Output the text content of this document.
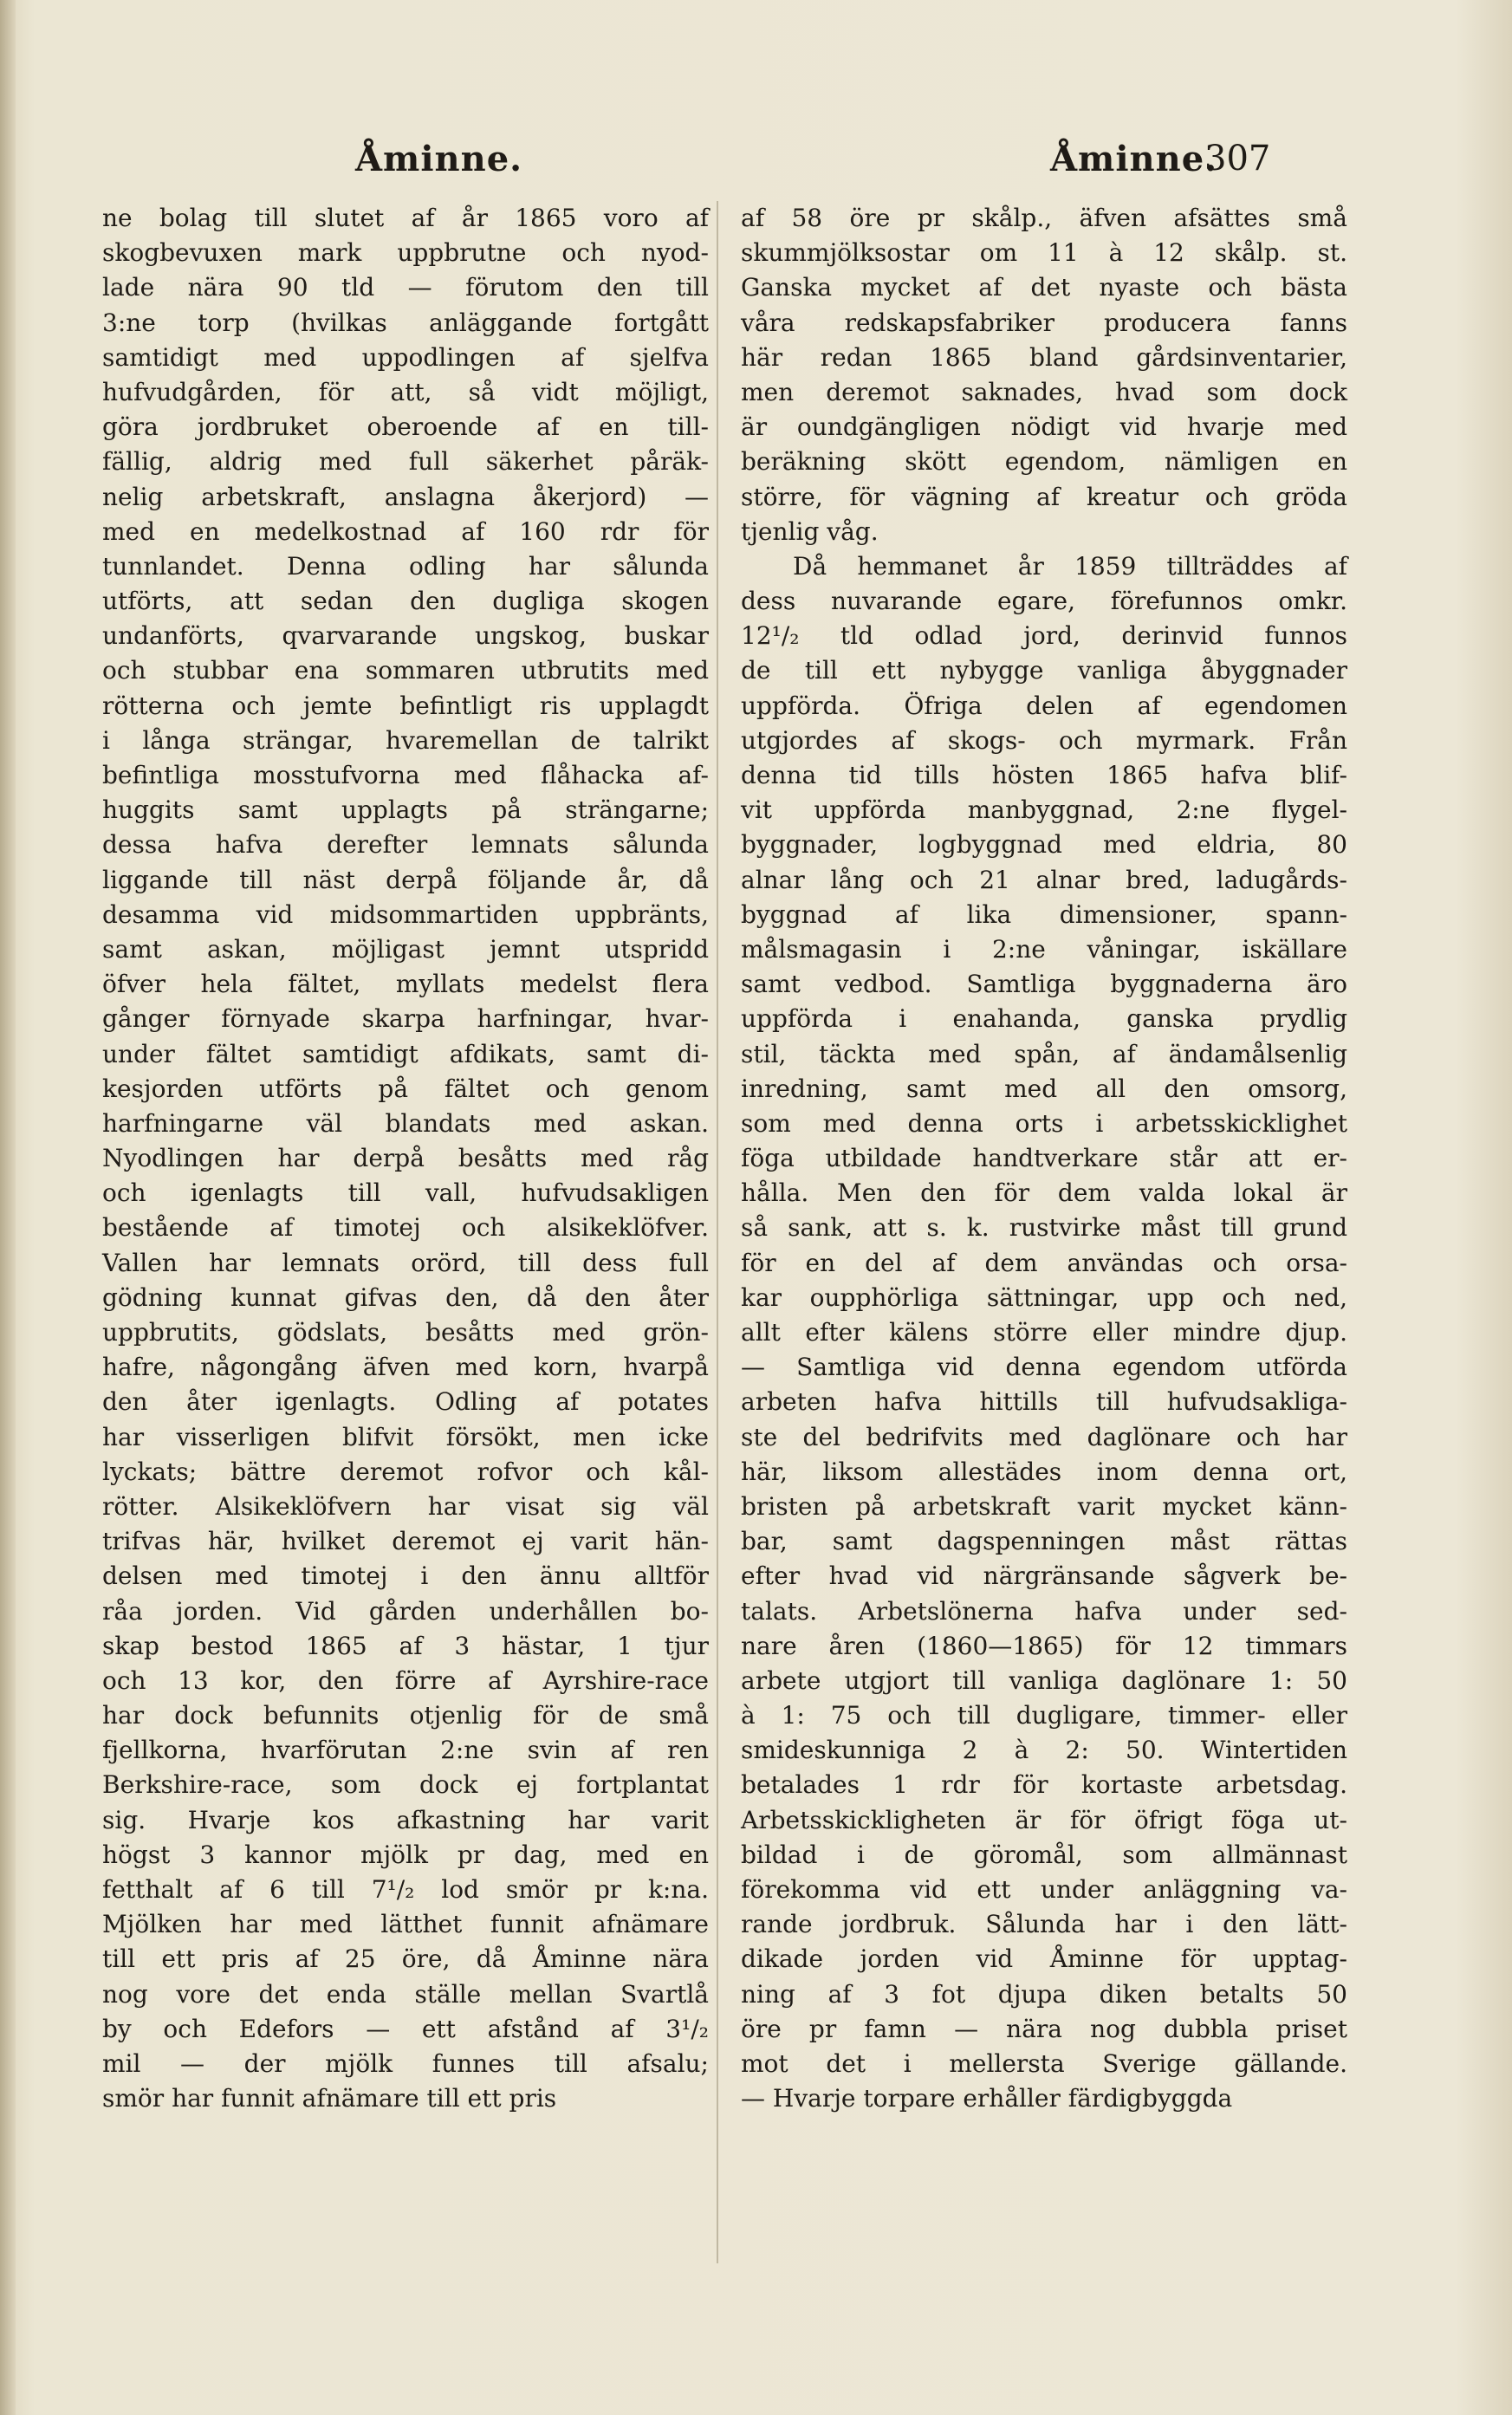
Åminne.	Åminne.
307
ne bolag till slutet af år 1865 voro af
skogbevuxen mark uppbrutne och nyod-
lade nära 90 tld — förutom den till
3:ne torp (hvilkas anläggande fortgått
samtidigt med uppodlingen af sjelfva
hufvudgården, för att, så vidt möjligt,
göra jordbruket oberoende af en till-
fällig, aldrig med full säkerhet påräk-
nelig arbetskraft, anslagna åkerjord) —
med en medelkostnad af 160 rdr för
tunnlandet. Denna odling har sålunda
utförts, att sedan den dugliga skogen
undanförts, qvarvarande ungskog, buskar
och stubbar ena sommaren utbrutits med
rötterna och jemte befintligt ris upplagdt
i långa strängar, hvaremellan de talrikt
befintliga mosstufvorna med flåhacka af-
huggits samt upplagts på strängarne;
dessa hafva derefter lemnats sålunda
liggande till näst derpå följande år, då
desamma vid midsommartiden uppbränts,
samt askan, möjligast jemnt utspridd
öfver hela fältet, myllats medelst flera
gånger förnyade skarpa harfningar, hvar-
under fältet samtidigt afdikats, samt di-
kesjorden utförts på fältet och genom
harfningarne väl blandats med askan.
Nyodlingen har derpå besåtts med råg
och igenlagts till vall, hufvudsakligen
bestående af timotej och alsikeklöfver.
Vallen har lemnats orörd, till dess full
gödning kunnat gifvas den, då den åter
uppbrutits, gödslats, besåtts med grön-
hafre, någongång äfven med korn, hvarpå
den åter igenlagts. Odling af potates
har visserligen blifvit försökt, men icke
lyckats; bättre deremot rofvor och kål-
rötter. Alsikeklöfvern har visat sig väl
trifvas här, hvilket deremot ej varit hän-
delsen med timotej i den ännu alltför
råa jorden. Vid gården underhållen bo-
skap bestod 1865 af 3 hästar, 1 tjur
och 13 kor, den förre af Ayrshire-race
har dock befunnits otjenlig för de små
fjellkorna, hvarförutan 2:ne svin af ren
Berkshire-race, som dock ej fortplantat
sig. Hvarje kos afkastning har varit
högst 3 kannor mjölk pr dag, med en
fetthalt af 6 till 7¹/₂ lod smör pr k:na.
Mjölken har med lätthet funnit afnämare
till ett pris af 25 öre, då Åminne nära
nog vore det enda ställe mellan Svartlå
by och Edefors — ett afstånd af 3¹/₂
mil — der mjölk funnes till afsalu;
smör har funnit afnämare till ett pris
af 58 öre pr skålp., äfven afsättes små
skummjölksostar om 11 à 12 skålp. st.
Ganska mycket af det nyaste och bästa
våra redskapsfabriker producera fanns
här redan 1865 bland gårdsinventarier,
men deremot saknades, hvad som dock
är oundgängligen nödigt vid hvarje med
beräkning skött egendom, nämligen en
större, för vägning af kreatur och gröda
tjenlig våg.
Då hemmanet år 1859 tillträddes af
dess nuvarande egare, förefunnos omkr.
12¹/₂ tld odlad jord, derinvid funnos
de till ett nybygge vanliga åbyggnader
uppförda. Öfriga delen af egendomen
utgjordes af skogs- och myrmark. Från
denna tid tills hösten 1865 hafva blif-
vit uppförda manbyggnad, 2:ne flygel-
byggnader, logbyggnad med eldria, 80
alnar lång och 21 alnar bred, ladugårds-
byggnad af lika dimensioner, spann-
målsmagasin i 2:ne våningar, iskällare
samt vedbod. Samtliga byggnaderna äro
uppförda i enahanda, ganska prydlig
stil, täckta med spån, af ändamålsenlig
inredning, samt med all den omsorg,
som med denna orts i arbetsskicklighet
föga utbildade handtverkare står att er-
hålla. Men den för dem valda lokal är
så sank, att s. k. rustvirke måst till grund
för en del af dem användas och orsa-
kar oupphörliga sättningar, upp och ned,
allt efter kälens större eller mindre djup.
— Samtliga vid denna egendom utförda
arbeten hafva hittills till hufvudsakliga-
ste del bedrifvits med daglönare och har
här, liksom allestädes inom denna ort,
bristen på arbetskraft varit mycket känn-
bar, samt dagspenningen måst rättas
efter hvad vid närgränsande sågverk be-
talats. Arbetslönerna hafva under sed-
nare åren (1860—1865) för 12 timmars
arbete utgjort till vanliga daglönare 1: 50
à 1: 75 och till dugligare, timmer- eller
smideskunniga 2 à 2: 50. Wintertiden
betalades 1 rdr för kortaste arbetsdag.
Arbetsskickligheten är för öfrigt föga ut-
bildad i de göromål, som allmännast
förekomma vid ett under anläggning va-
rande jordbruk. Sålunda har i den lätt-
dikade jorden vid Åminne för upptag-
ning af 3 fot djupa diken betalts 50
öre pr famn — nära nog dubbla priset
mot det i mellersta Sverige gällande.
— Hvarje torpare erhåller färdigbyggda
